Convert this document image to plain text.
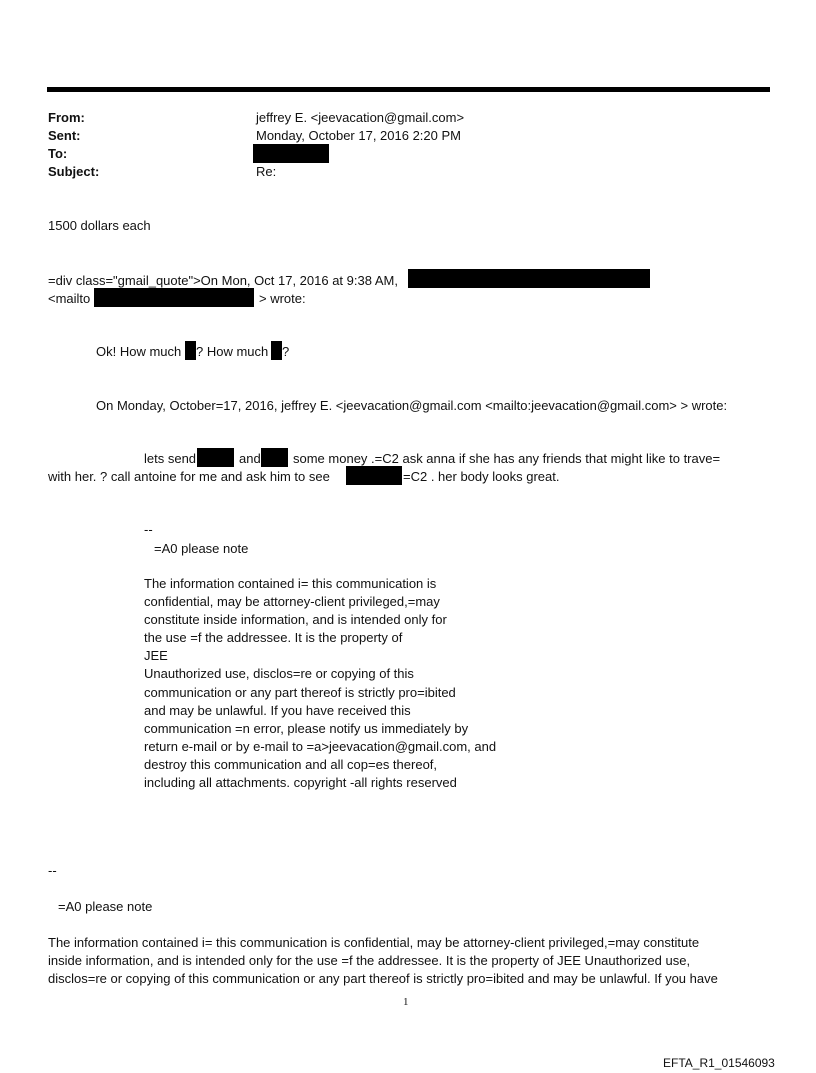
From:	jeffrey E. <jeevacation@gmail.com>
Sent:	Monday, October 17, 2016 2:20 PM
To:
Subject:	Re:
1500 dollars each
=div class="gmail_quote">On Mon, Oct 17, 2016 at 9:38 AM,
<mailto	> wrote:
Ok! How much ? How much ?
On Monday, October=17, 2016, jeffrey E. <jeevacation@gmail.com <mailto:jeevacation@gmail.com> > wrote:
lets send	and some money .=C2 ask anna if she has any friends that might like to trave=
with her. ? call antoine for me and ask him to see	=C2 . her body looks great.
--
=A0 please note
The information contained i= this communication is
confidential, may be attorney-client privileged,=may
constitute inside information, and is intended only for
the use =f the addressee. It is the property of
JEE
Unauthorized use, disclos=re or copying of this
communication or any part thereof is strictly pro=ibited
and may be unlawful. If you have received this
communication =n error, please notify us immediately by
return e-mail or by e-mail to =a>jeevacation@gmail.com, and
destroy this communication and all cop=es thereof,
including all attachments. copyright -all rights reserved
--
=A0 please note
The information contained i= this communication is confidential, may be attorney-client privileged,=may constitute
inside information, and is intended only for the use =f the addressee. It is the property of JEE Unauthorized use,
disclos=re or copying of this communication or any part thereof is strictly pro=ibited and may be unlawful. If you have
1
EFTA_R1_01546093
